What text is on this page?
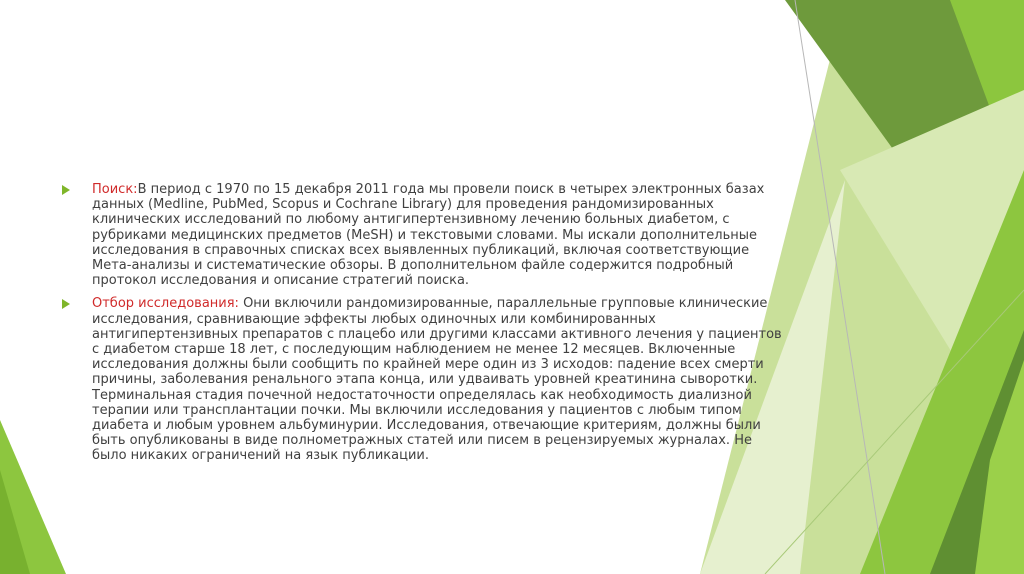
Поиск:В период с 1970 по 15 декабря 2011 года мы провели поиск в четырех электронных базах данных (Medline, PubMed, Scopus и Cochrane Library) для проведения рандомизированных клинических исследований по любому антигипертензивному лечению больных диабетом, с рубриками медицинских предметов (MeSH) и текстовыми словами. Мы искали дополнительные исследования в справочных списках всех выявленных публикаций, включая соответствующие Мета-анализы и систематические обзоры. В дополнительном файле содержится подробный протокол исследования и описание стратегий поиска.

Отбор исследования: Они включили рандомизированные, параллельные групповые клинические исследования, сравнивающие эффекты любых одиночных или комбинированных антигипертензивных препаратов с плацебо или другими классами активного лечения у пациентов с диабетом старше 18 лет, с последующим наблюдением не менее 12 месяцев. Включенные исследования должны были сообщить по крайней мере один из 3 исходов: падение всех смерти причины, заболевания ренального этапа конца, или удваивать уровней креатинина сыворотки. Терминальная стадия почечной недостаточности определялась как необходимость диализной терапии или трансплантации почки. Мы включили исследования у пациентов с любым типом диабета и любым уровнем альбуминурии. Исследования, отвечающие критериям, должны были быть опубликованы в виде полнометражных статей или писем в рецензируемых журналах. Не было никаких ограничений на язык публикации.
